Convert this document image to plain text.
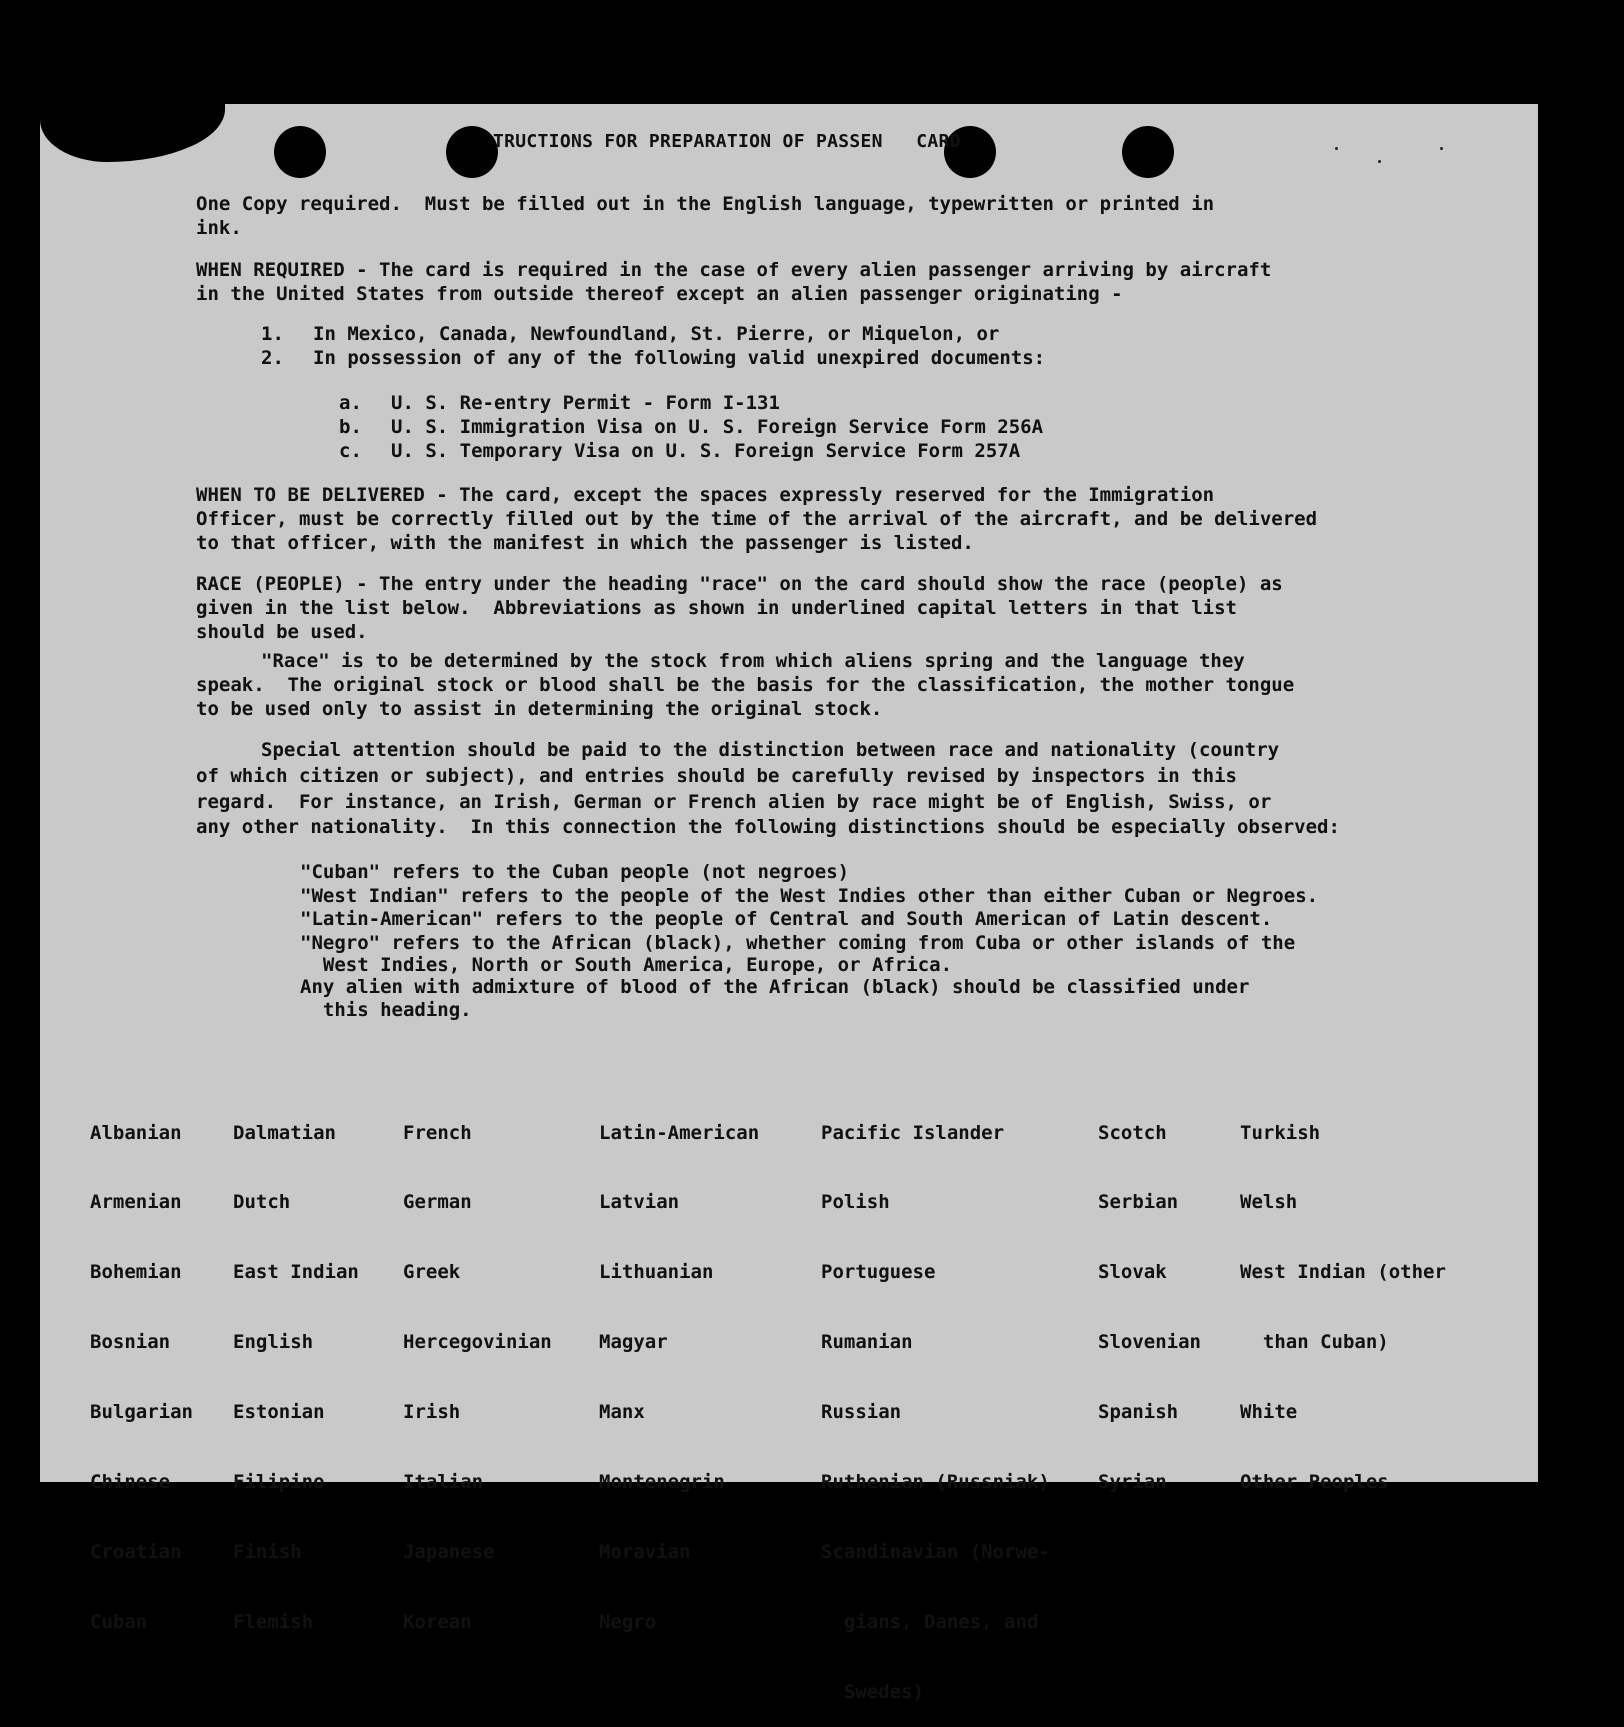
TRUCTIONS FOR PREPARATION OF PASSEN   CARD
One Copy required.  Must be filled out in the English language, typewritten or printed in
ink.
WHEN REQUIRED - The card is required in the case of every alien passenger arriving by aircraft
in the United States from outside thereof except an alien passenger originating -
1. In Mexico, Canada, Newfoundland, St. Pierre, or Miquelon, or
2. In possession of any of the following valid unexpired documents:
a. U. S. Re-entry Permit - Form I-131
b. U. S. Immigration Visa on U. S. Foreign Service Form 256A
c. U. S. Temporary Visa on U. S. Foreign Service Form 257A
WHEN TO BE DELIVERED - The card, except the spaces expressly reserved for the Immigration
Officer, must be correctly filled out by the time of the arrival of the aircraft, and be delivered
to that officer, with the manifest in which the passenger is listed.
RACE (PEOPLE) - The entry under the heading "race" on the card should show the race (people) as
given in the list below.  Abbreviations as shown in underlined capital letters in that list
should be used.
"Race" is to be determined by the stock from which aliens spring and the language they
speak.  The original stock or blood shall be the basis for the classification, the mother tongue
to be used only to assist in determining the original stock.
Special attention should be paid to the distinction between race and nationality (country
of which citizen or subject), and entries should be carefully revised by inspectors in this
regard.  For instance, an Irish, German or French alien by race might be of English, Swiss, or
any other nationality.  In this connection the following distinctions should be especially observed:
"Cuban" refers to the Cuban people (not negroes)
"West Indian" refers to the people of the West Indies other than either Cuban or Negroes.
"Latin-American" refers to the people of Central and South American of Latin descent.
"Negro" refers to the African (black), whether coming from Cuba or other islands of the
West Indies, North or South America, Europe, or Africa.
Any alien with admixture of blood of the African (black) should be classified under
this heading.

Albanian

Armenian

Bohemian

Bosnian

Bulgarian

Chinese

Croatian

Cuban

Dalmatian

Dutch

East Indian

English

Estonian

Filipino

Finish

Flemish

French

German

Greek

Hercegovinian

Irish

Italian

Japanese

Korean

Latin-American

Latvian

Lithuanian

Magyar

Manx

Montenegrin

Moravian

Negro

Pacific Islander

Polish

Portuguese

Rumanian

Russian

Ruthenian (Russniak)

Scandinavian (Norwe-

gians, Danes, and

Swedes)

Scotch

Serbian

Slovak

Slovenian

Spanish

Syrian

Turkish

Welsh

West Indian (other

than Cuban)

White

Other Peoples
